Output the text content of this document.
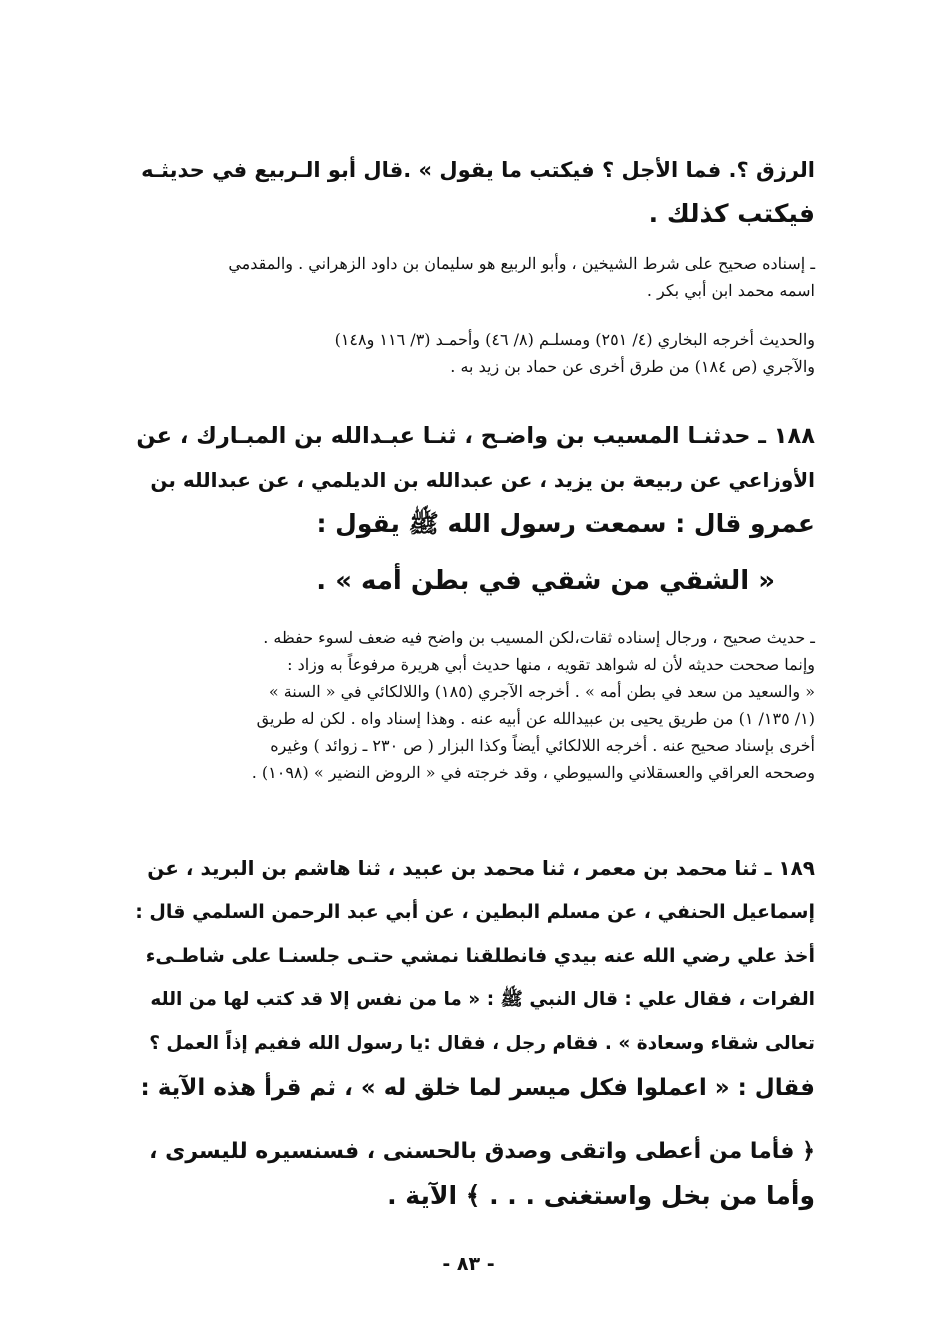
الرزق ؟. فما الأجل ؟ فيكتب ما يقول » .قال أبو الـربيع في حديثـه
فيكتب كذلك .
ـ إسناده صحيح على شرط الشيخين ، وأبو الربيع هو سليمان بن داود الزهراني . والمقدمي
اسمه محمد ابن أبي بكر .
والحديث أخرجه البخاري (٤/ ٢٥١) ومسلـم (٨/ ٤٦) وأحمـد (٣/ ١١٦ و١٤٨)
والآجري (ص ١٨٤) من طرق أخرى عن حماد بن زيد به .
١٨٨ ـ حدثنـا المسيب بن واضـح ، ثنـا عبـدالله بن المبـارك ، عن
الأوزاعي عن ربيعة بن يزيد ، عن عبدالله بن الديلمي ، عن عبدالله بن
عمرو قال : سمعت رسول الله ﷺ يقول :
« الشقي من شقي في بطن أمه » .
ـ حديث صحيح ، ورجال إسناده ثقات،لكن المسيب بن واضح فيه ضعف لسوء حفظه .
وإنما صححت حديثه لأن له شواهد تقويه ، منها حديث أبي هريرة مرفوعاً به وزاد :
« والسعيد من سعد في بطن أمه » . أخرجه الآجري (١٨٥) واللالكائي في « السنة »
(١/ ١٣٥/ ١) من طريق يحيى بن عبيدالله عن أبيه عنه . وهذا إسناد واه . لكن له طريق
أخرى بإسناد صحيح عنه . أخرجه اللالكائي أيضاً وكذا البزار ( ص ٢٣٠ ـ زوائد ) وغيره
وصححه العراقي والعسقلاني والسيوطي ، وقد خرجته في « الروض النضير » (١٠٩٨) .
١٨٩ ـ ثنا محمد بن معمر ، ثنا محمد بن عبيد ، ثنا هاشم بن البريد ، عن
إسماعيل الحنفي ، عن مسلم البطين ، عن أبي عبد الرحمن السلمي قال :
أخذ علي رضي الله عنه بيدي فانطلقنا نمشي حتـى جلسنـا على شاطـىء
الفرات ، فقال علي : قال النبي ﷺ : « ما من نفس إلا قد كتب لها من الله
تعالى شقاء وسعادة » . فقام رجل ، فقال :يا رسول الله ففيم إذاً العمل ؟
فقال : « اعملوا فكل ميسر لما خلق له » ، ثم قرأ هذه الآية :
﴿ فأما من أعطى واتقى وصدق بالحسنى ، فسنسيره لليسرى ،
وأما من بخل واستغنى . . . ﴾ الآية .
- ٨٣ -
